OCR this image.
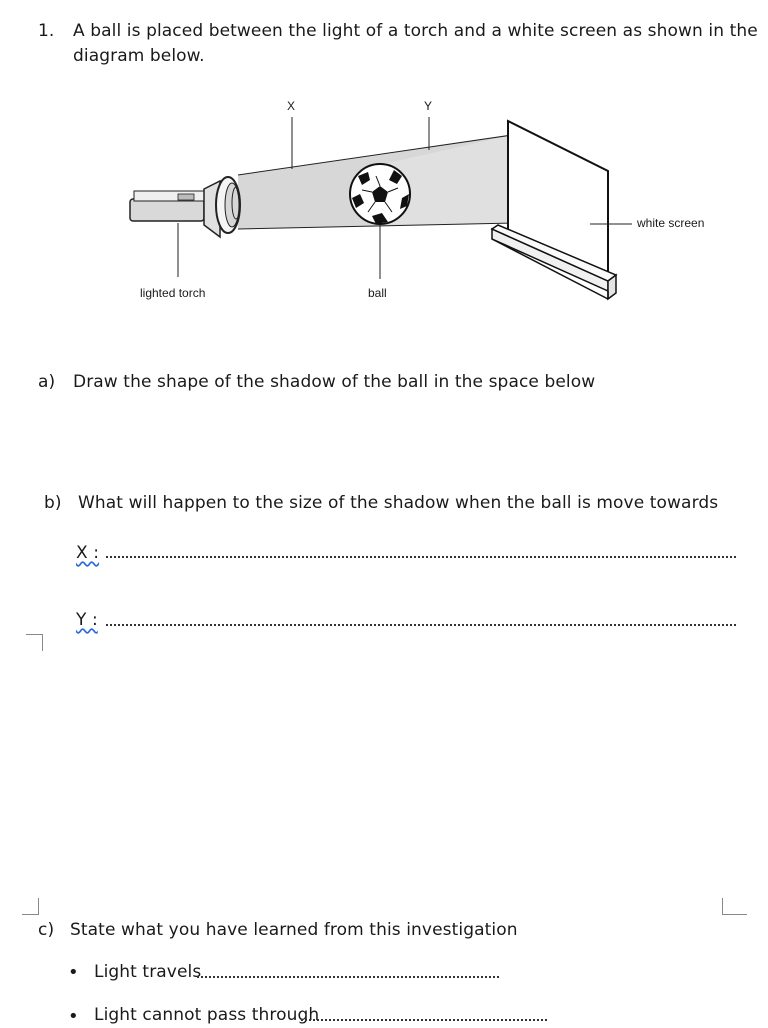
1. A ball is placed between the light of a torch and a white screen as shown in the
diagram below.
X	Y
white screen
lighted torch	ball
a) Draw the shape of the shadow of the ball in the space below
b) What will happen to the size of the shadow when the ball is move towards
X :
Y :
c) State what you have learned from this investigation
• Light travels
• Light cannot pass through
